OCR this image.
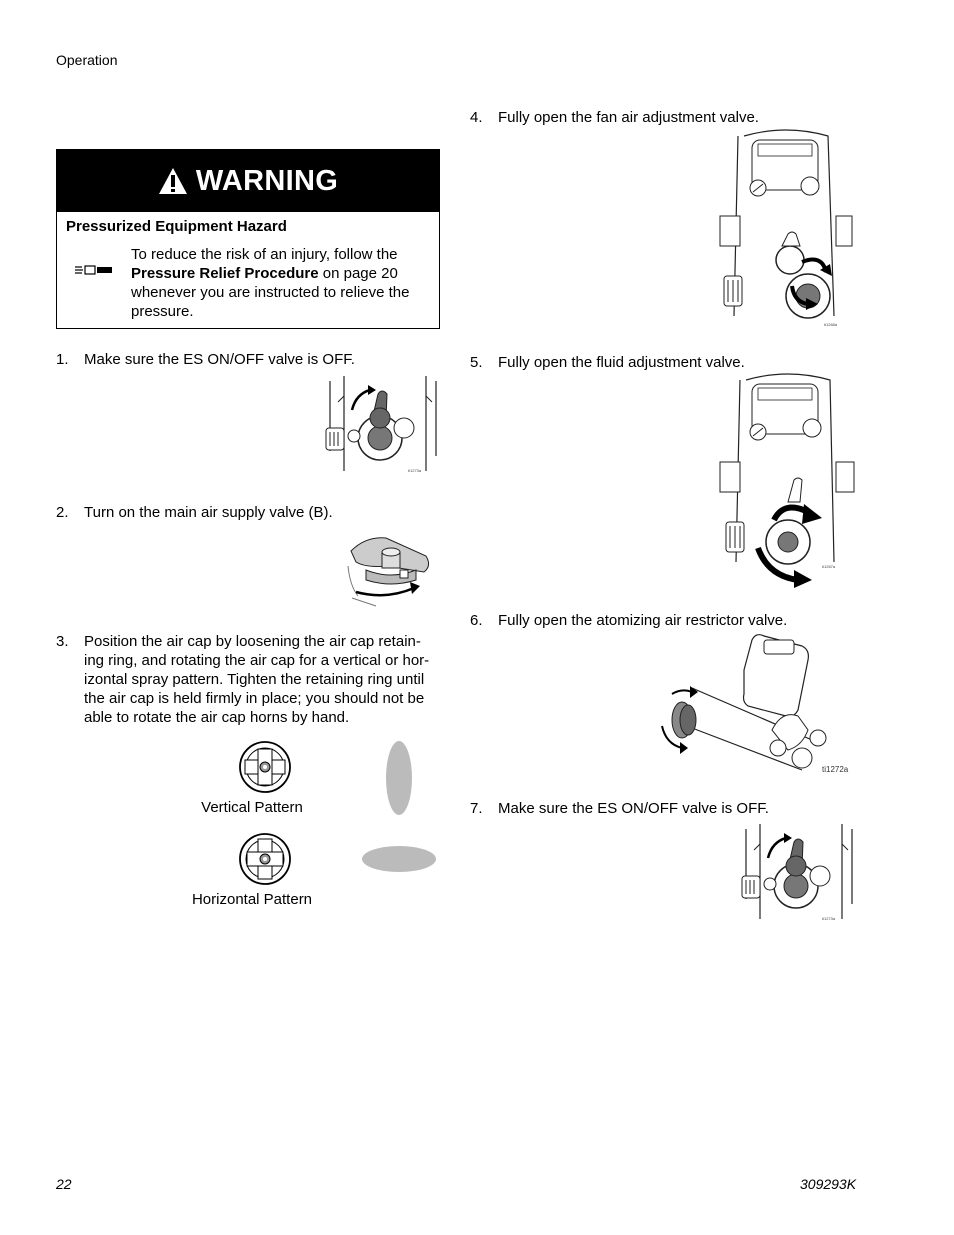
Operation
WARNING
Pressurized Equipment Hazard
To reduce the risk of an injury, follow the Pressure Relief Procedure on page 20 whenever you are instructed to relieve the pressure.
1. Make sure the ES ON/OFF valve is OFF.
ti1273a
2. Turn on the main air supply valve (B).
3. Position the air cap by loosening the air cap retain-
ing ring, and rotating the air cap for a vertical or hor-
izontal spray pattern. Tighten the retaining ring until
the air cap is held firmly in place; you should not be
able to rotate the air cap horns by hand.
Vertical Pattern
Horizontal Pattern
4. Fully open the fan air adjustment valve.
ti1268a
5. Fully open the fluid adjustment valve.
ti1267a
6. Fully open the atomizing air restrictor valve.
ti1272a
7. Make sure the ES ON/OFF valve is OFF.
ti1273a
22	309293K
